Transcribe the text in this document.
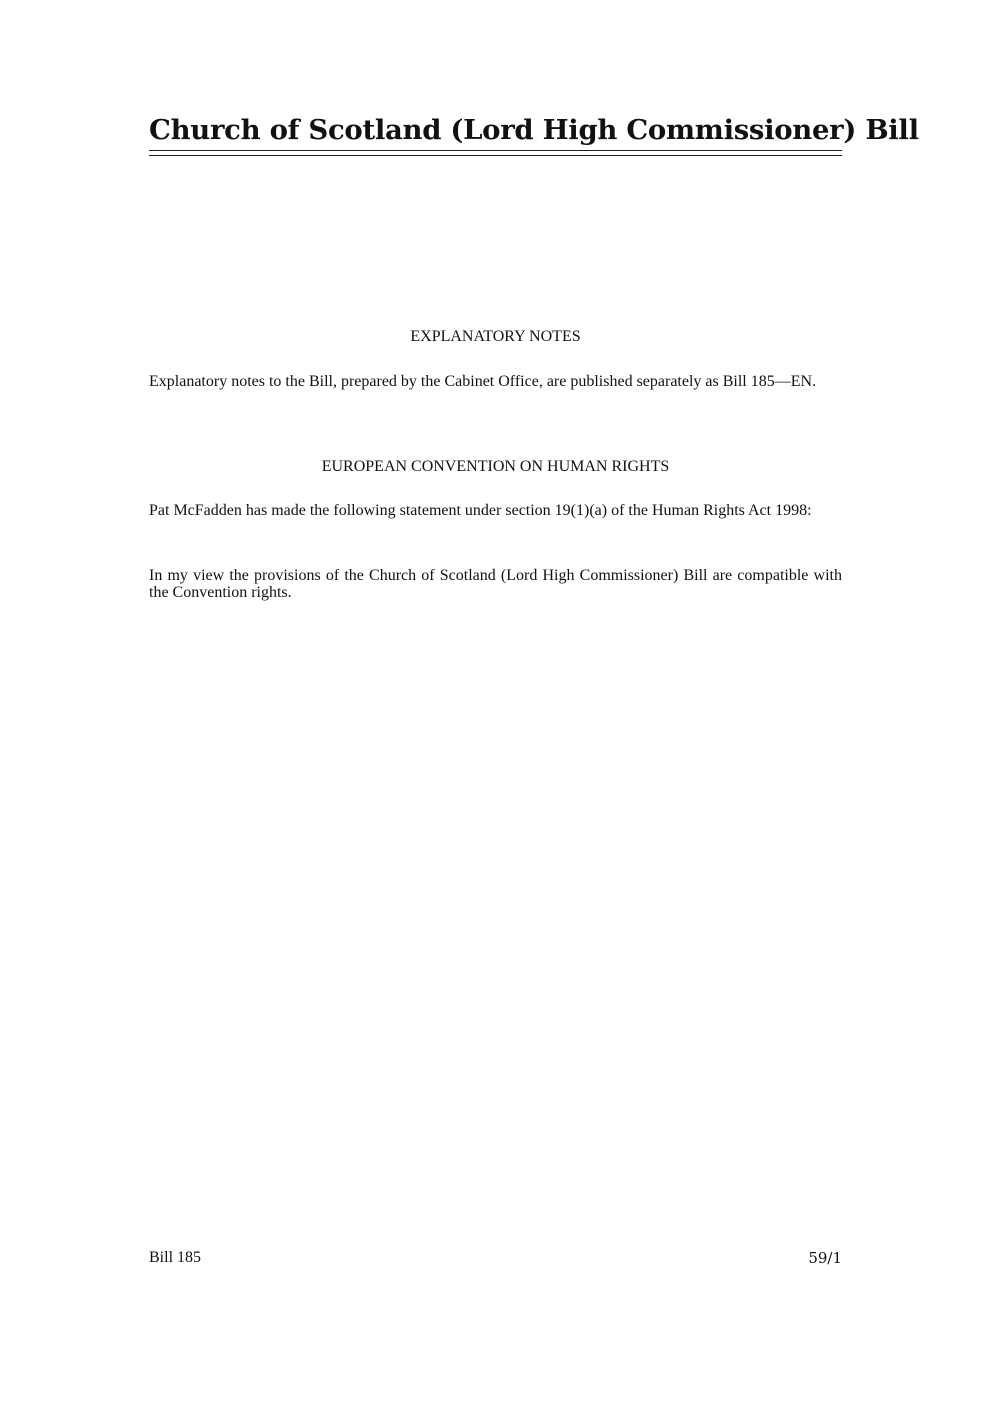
Church of Scotland (Lord High Commissioner) Bill
EXPLANATORY NOTES

Explanatory notes to the Bill, prepared by the Cabinet Office, are published separately as Bill 185—EN.

EUROPEAN CONVENTION ON HUMAN RIGHTS

Pat McFadden has made the following statement under section 19(1)(a) of the Human Rights Act 1998:

In my view the provisions of the Church of Scotland (Lord High Commissioner) Bill are compatible with the Convention rights.

Bill 185	59/1
